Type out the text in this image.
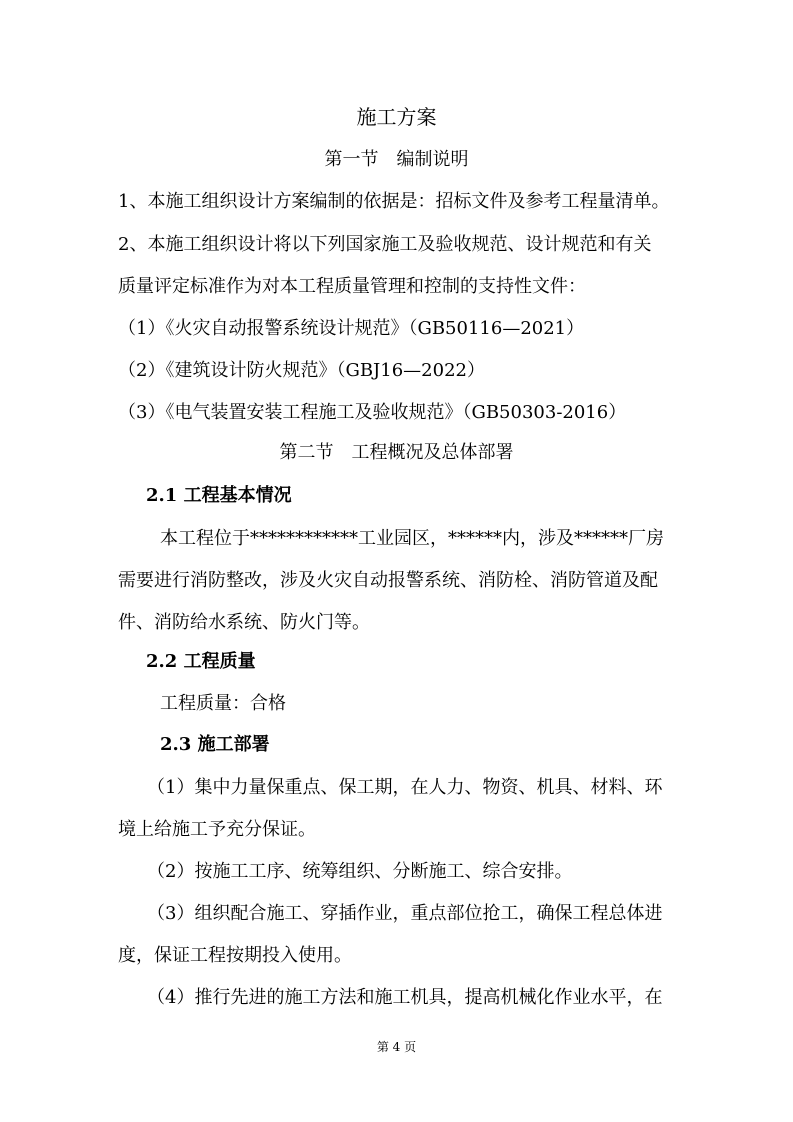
施工方案
第一节　编制说明
1、本施工组织设计方案编制的依据是：招标文件及参考工程量清单。
2、本施工组织设计将以下列国家施工及验收规范、设计规范和有关
质量评定标准作为对本工程质量管理和控制的支持性文件：
（1）《火灾自动报警系统设计规范》（GB50116—2021）
（2）《建筑设计防火规范》（GBJ16—2022）
（3）《电气装置安装工程施工及验收规范》（GB50303-2016）
第二节　工程概况及总体部署
2.1 工程基本情况
本工程位于************工业园区，******内，涉及******厂房
需要进行消防整改，涉及火灾自动报警系统、消防栓、消防管道及配
件、消防给水系统、防火门等。
2.2 工程质量
工程质量：合格
2.3 施工部署
（1）集中力量保重点、保工期，在人力、物资、机具、材料、环
境上给施工予充分保证。
（2）按施工工序、统筹组织、分断施工、综合安排。
（3）组织配合施工、穿插作业，重点部位抢工，确保工程总体进
度，保证工程按期投入使用。
（4）推行先进的施工方法和施工机具，提高机械化作业水平，在
第 4 页
